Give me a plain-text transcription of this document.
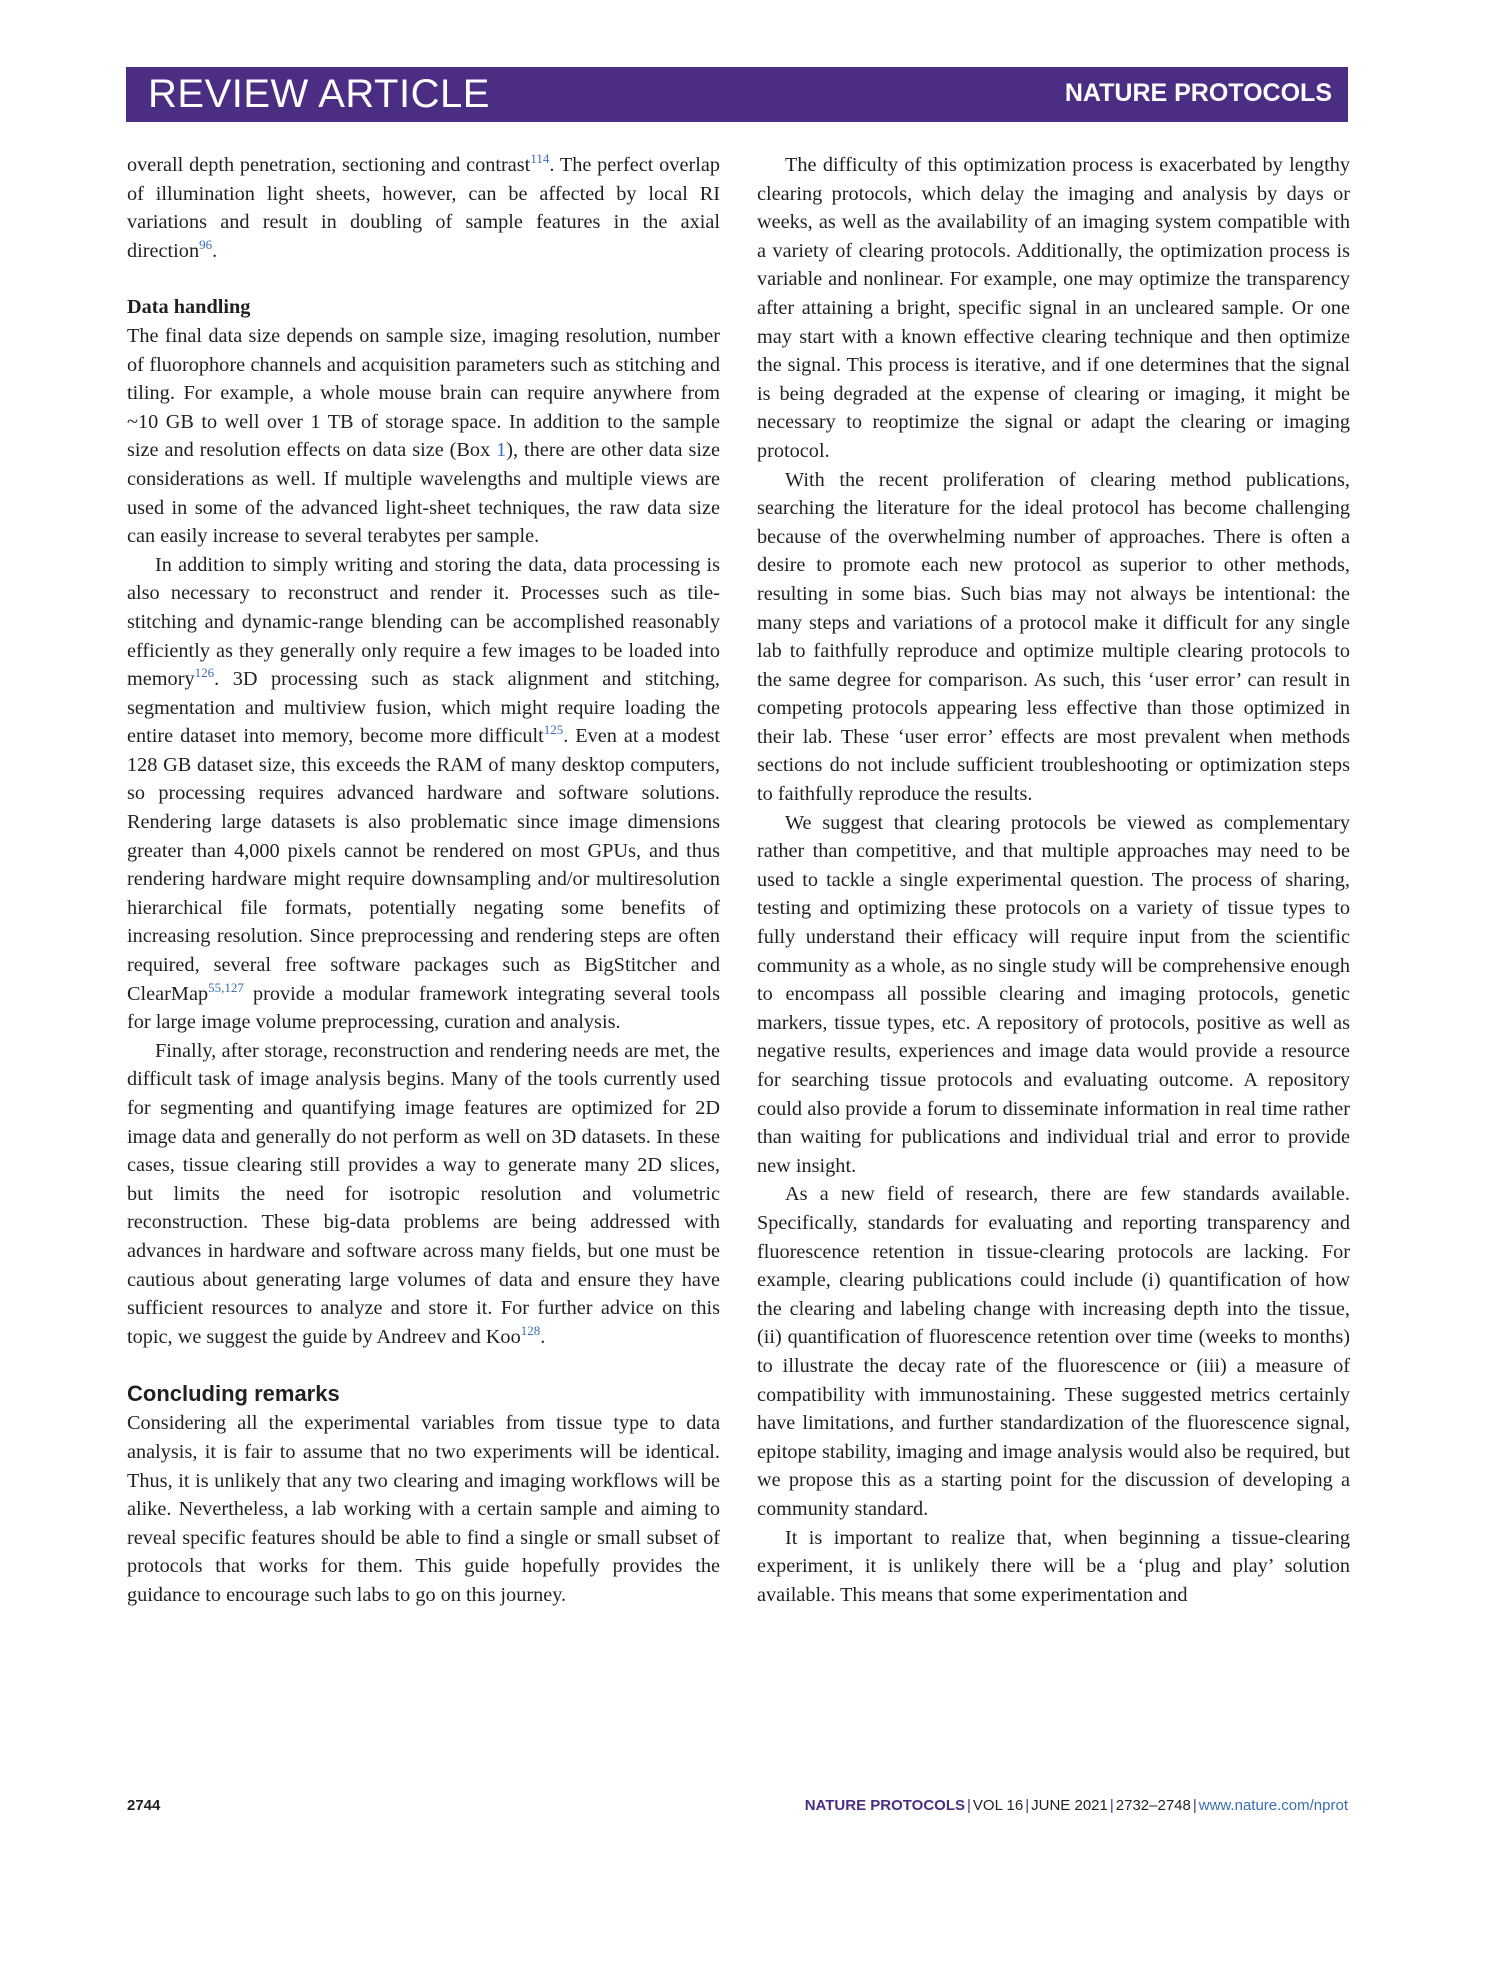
REVIEW ARTICLE	NATURE PROTOCOLS

overall depth penetration, sectioning and contrast$^{114}$. The perfect overlap of illumination light sheets, however, can be affected by local RI variations and result in doubling of sample features in the axial direction$^{96}$.

Data handling

The final data size depends on sample size, imaging resolution, number of fluorophore channels and acquisition parameters such as stitching and tiling. For example, a whole mouse brain can require anywhere from ~10 GB to well over 1 TB of storage space. In addition to the sample size and resolution effects on data size (Box 1), there are other data size considerations as well. If multiple wavelengths and multiple views are used in some of the advanced light-sheet techniques, the raw data size can easily increase to several terabytes per sample.

In addition to simply writing and storing the data, data processing is also necessary to reconstruct and render it. Processes such as tile-stitching and dynamic-range blending can be accomplished reasonably efficiently as they generally only require a few images to be loaded into memory$^{126}$. 3D processing such as stack alignment and stitching, segmentation and multiview fusion, which might require loading the entire dataset into memory, become more difficult$^{125}$. Even at a modest 128 GB dataset size, this exceeds the RAM of many desktop computers, so processing requires advanced hardware and software solutions. Rendering large datasets is also problematic since image dimensions greater than 4,000 pixels cannot be rendered on most GPUs, and thus rendering hardware might require downsampling and/or multiresolution hierarchical file formats, potentially negating some benefits of increasing resolution. Since preprocessing and rendering steps are often required, several free software packages such as BigStitcher and ClearMap$^{55,127}$ provide a modular framework integrating several tools for large image volume preprocessing, curation and analysis.

Finally, after storage, reconstruction and rendering needs are met, the difficult task of image analysis begins. Many of the tools currently used for segmenting and quantifying image features are optimized for 2D image data and generally do not perform as well on 3D datasets. In these cases, tissue clearing still provides a way to generate many 2D slices, but limits the need for isotropic resolution and volumetric reconstruction. These big-data problems are being addressed with advances in hardware and software across many fields, but one must be cautious about generating large volumes of data and ensure they have sufficient resources to analyze and store it. For further advice on this topic, we suggest the guide by Andreev and Koo$^{128}$.

Concluding remarks

Considering all the experimental variables from tissue type to data analysis, it is fair to assume that no two experiments will be identical. Thus, it is unlikely that any two clearing and imaging workflows will be alike. Nevertheless, a lab working with a certain sample and aiming to reveal specific features should be able to find a single or small subset of protocols that works for them. This guide hopefully provides the guidance to encourage such labs to go on this journey.

The difficulty of this optimization process is exacerbated by lengthy clearing protocols, which delay the imaging and analysis by days or weeks, as well as the availability of an imaging system compatible with a variety of clearing protocols. Additionally, the optimization process is variable and nonlinear. For example, one may optimize the transparency after attaining a bright, specific signal in an uncleared sample. Or one may start with a known effective clearing technique and then optimize the signal. This process is iterative, and if one determines that the signal is being degraded at the expense of clearing or imaging, it might be necessary to reoptimize the signal or adapt the clearing or imaging protocol.

With the recent proliferation of clearing method publications, searching the literature for the ideal protocol has become challenging because of the overwhelming number of approaches. There is often a desire to promote each new protocol as superior to other methods, resulting in some bias. Such bias may not always be intentional: the many steps and variations of a protocol make it difficult for any single lab to faithfully reproduce and optimize multiple clearing protocols to the same degree for comparison. As such, this ‘user error’ can result in competing protocols appearing less effective than those optimized in their lab. These ‘user error’ effects are most prevalent when methods sections do not include sufficient troubleshooting or optimization steps to faithfully reproduce the results.

We suggest that clearing protocols be viewed as complementary rather than competitive, and that multiple approaches may need to be used to tackle a single experimental question. The process of sharing, testing and optimizing these protocols on a variety of tissue types to fully understand their efficacy will require input from the scientific community as a whole, as no single study will be comprehensive enough to encompass all possible clearing and imaging protocols, genetic markers, tissue types, etc. A repository of protocols, positive as well as negative results, experiences and image data would provide a resource for searching tissue protocols and evaluating outcome. A repository could also provide a forum to disseminate information in real time rather than waiting for publications and individual trial and error to provide new insight.

As a new field of research, there are few standards available. Specifically, standards for evaluating and reporting transparency and fluorescence retention in tissue-clearing protocols are lacking. For example, clearing publications could include (i) quantification of how the clearing and labeling change with increasing depth into the tissue, (ii) quantification of fluorescence retention over time (weeks to months) to illustrate the decay rate of the fluorescence or (iii) a measure of compatibility with immunostaining. These suggested metrics certainly have limitations, and further standardization of the fluorescence signal, epitope stability, imaging and image analysis would also be required, but we propose this as a starting point for the discussion of developing a community standard.

It is important to realize that, when beginning a tissue-clearing experiment, it is unlikely there will be a ‘plug and play’ solution available. This means that some experimentation and

2744	NATURE PROTOCOLS | VOL 16 | JUNE 2021 | 2732–2748 | www.nature.com/nprot
